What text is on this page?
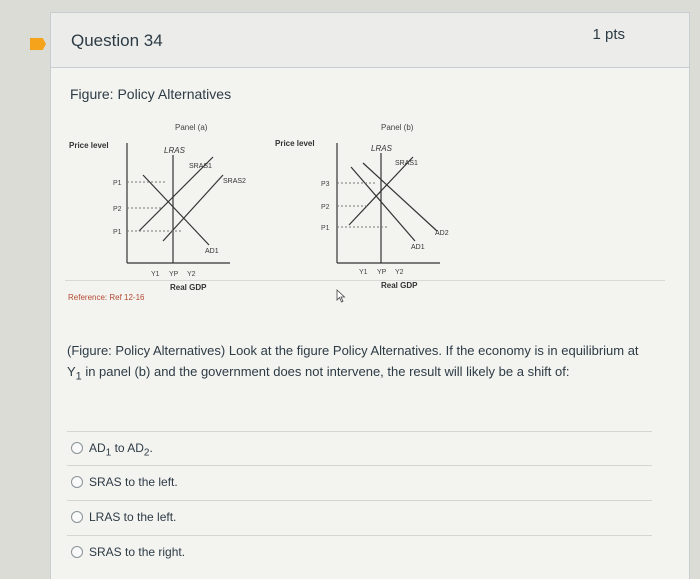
Question 34	1 pts
Figure: Policy Alternatives
Panel (a)
Price level
LRAS
SRAS1
SRAS2
AD1
P1
P2
P1
Y1 YP Y2
Real GDP
Panel (b)
Price level
LRAS
SRAS1
AD1
AD2
P3
P2
P1
Y1 YP Y2
Real GDP
Reference: Ref 12-16
(Figure: Policy Alternatives) Look at the figure Policy Alternatives. If the economy is in equilibrium at $Y_1$ in panel (b) and the government does not intervene, the result will likely be a shift of:
$AD_1$ to $AD_2$.
SRAS to the left.
LRAS to the left.
SRAS to the right.
